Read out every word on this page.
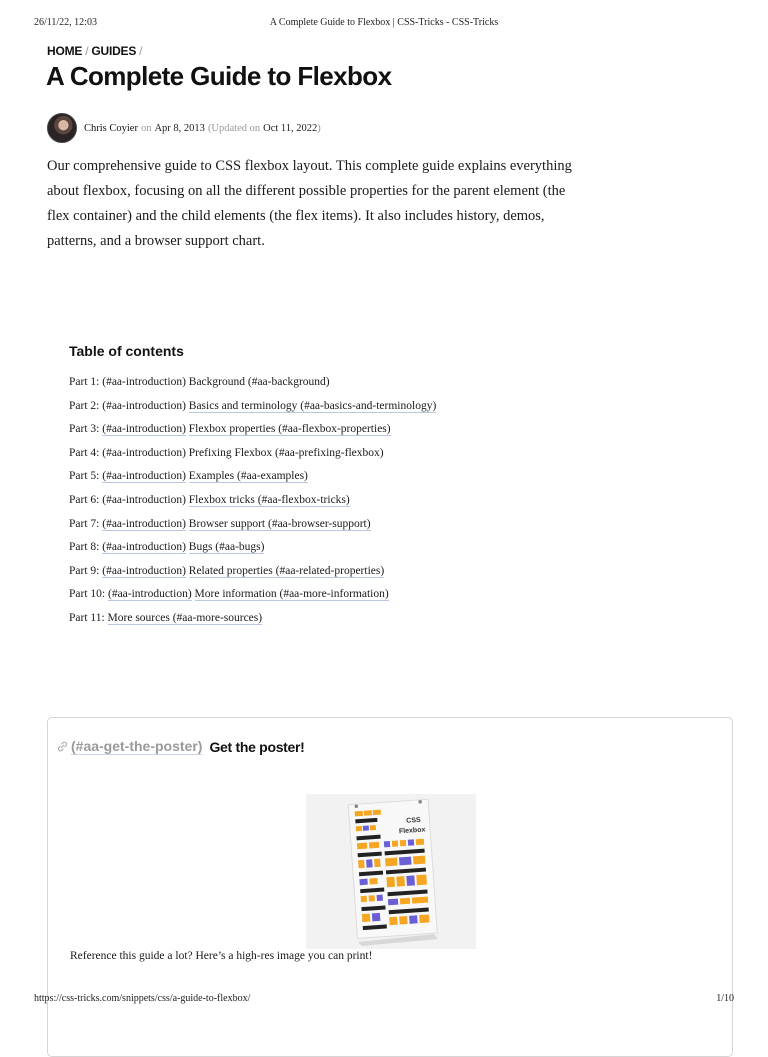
26/11/22, 12:03	A Complete Guide to Flexbox | CSS-Tricks - CSS-Tricks
HOME / GUIDES /
A Complete Guide to Flexbox
Chris Coyier on Apr 8, 2013 (Updated on Oct 11, 2022 )

Our comprehensive guide to CSS flexbox layout. This complete guide explains everything about flexbox, focusing on all the different possible properties for the parent element (the flex container) and the child elements (the flex items). It also includes history, demos, patterns, and a browser support chart.

Table of contents
Part 1: (#aa-introduction) Background (#aa-background)
Part 2: (#aa-introduction) Basics and terminology (#aa-basics-and-terminology)
Part 3: (#aa-introduction) Flexbox properties (#aa-flexbox-properties)
Part 4: (#aa-introduction) Prefixing Flexbox (#aa-prefixing-flexbox)
Part 5: (#aa-introduction) Examples (#aa-examples)
Part 6: (#aa-introduction) Flexbox tricks (#aa-flexbox-tricks)
Part 7: (#aa-introduction) Browser support (#aa-browser-support)
Part 8: (#aa-introduction) Bugs (#aa-bugs)
Part 9: (#aa-introduction) Related properties (#aa-related-properties)
Part 10: (#aa-introduction) More information (#aa-more-information)
Part 11: More sources (#aa-more-sources)
(#aa-get-the-poster) Get the poster!
CSS
Flexbox

Reference this guide a lot? Here’s a high-res image you can print!

https://css-tricks.com/snippets/css/a-guide-to-flexbox/	1/10
